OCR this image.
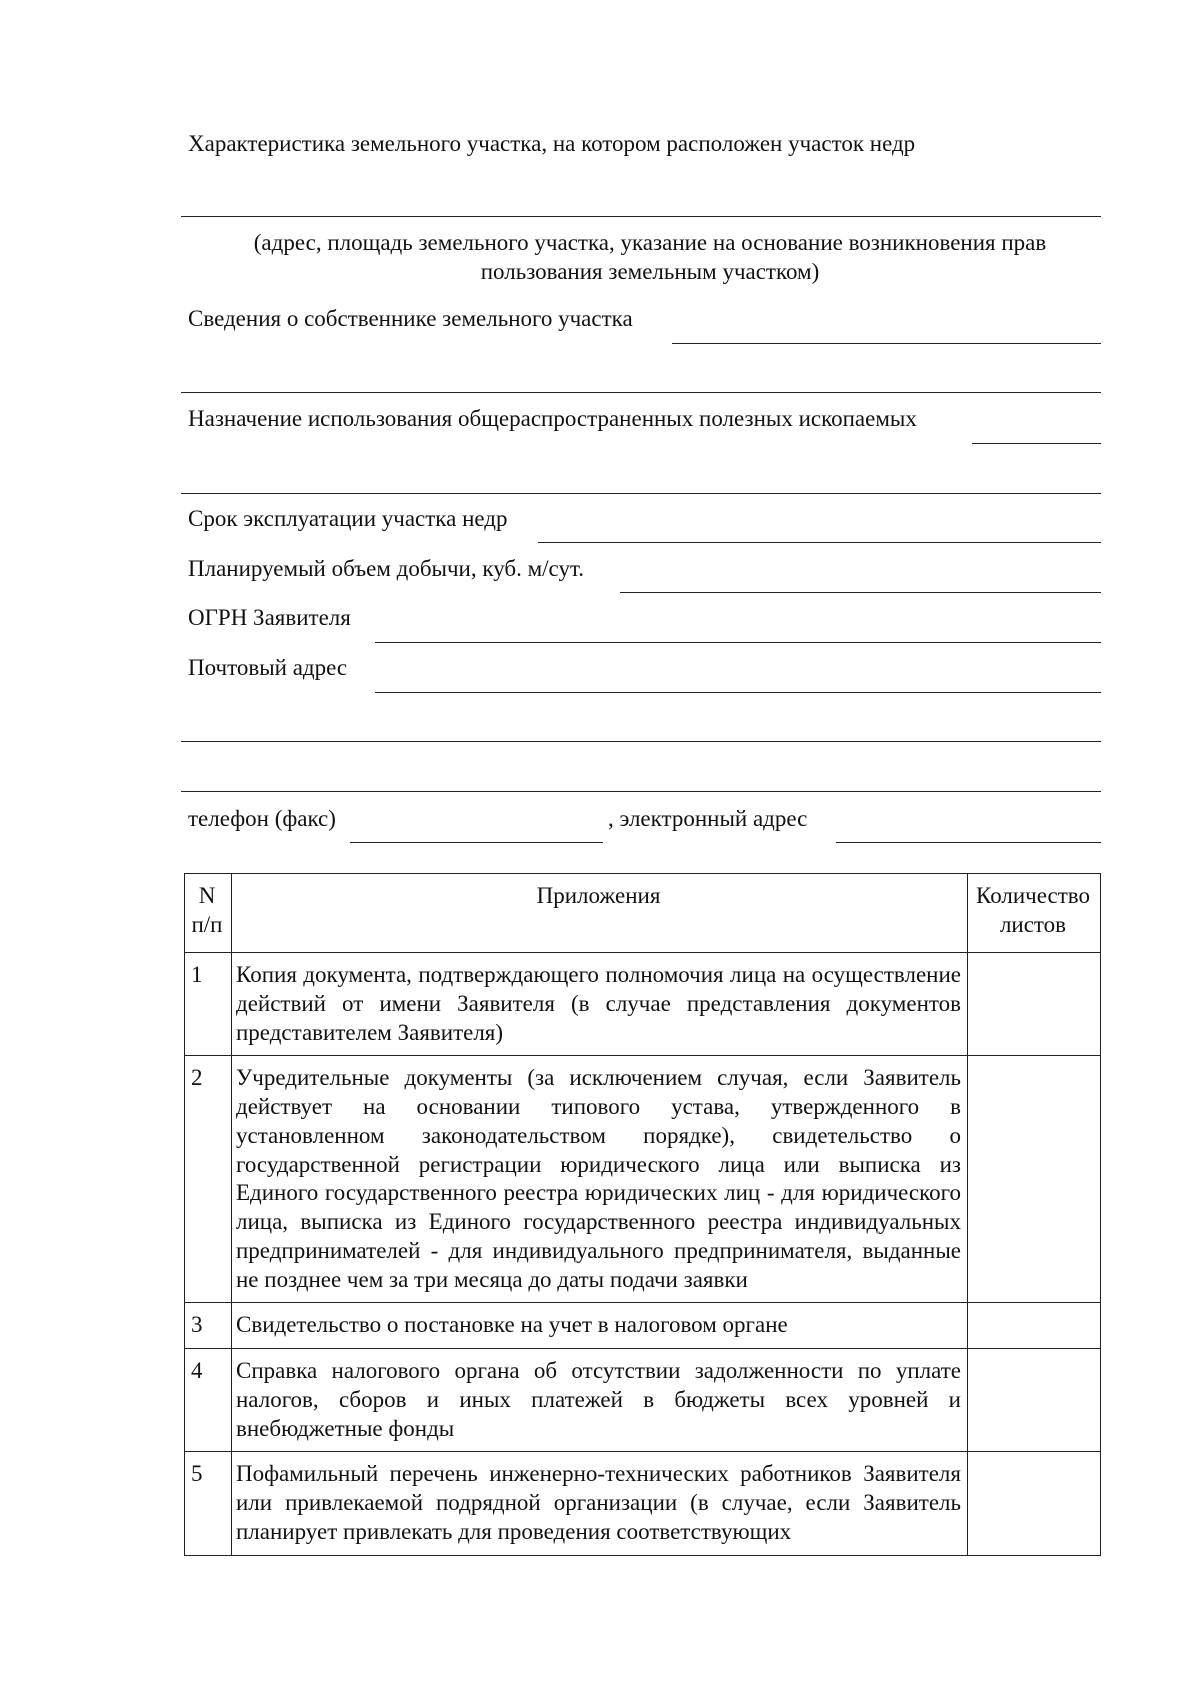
Характеристика земельного участка, на котором расположен участок недр
(адрес, площадь земельного участка, указание на основание возникновения прав пользования земельным участком)
Сведения о собственнике земельного участка
Назначение использования общераспространенных полезных ископаемых
Срок эксплуатации участка недр
Планируемый объем добычи, куб. м/сут.
ОГРН Заявителя
Почтовый адрес
телефон (факс)	, электронный адрес
N п/п	Приложения	Количество листов
1	Копия документа, подтверждающего полномочия лица на осуществление действий от имени Заявителя (в случае представления документов представителем Заявителя)	
2	Учредительные документы (за исключением случая, если Заявитель действует на основании типового устава, утвержденного в установленном законодательством порядке), свидетельство о государственной регистрации юридического лица или выписка из Единого государственного реестра юридических лиц - для юридического лица, выписка из Единого государственного реестра индивидуальных предпринимателей - для индивидуального предпринимателя, выданные не позднее чем за три месяца до даты подачи заявки	
3	Свидетельство о постановке на учет в налоговом органе	
4	Справка налогового органа об отсутствии задолженности по уплате налогов, сборов и иных платежей в бюджеты всех уровней и внебюджетные фонды	
5	Пофамильный перечень инженерно-технических работников Заявителя или привлекаемой подрядной организации (в случае, если Заявитель планирует привлекать для проведения соответствующих	
